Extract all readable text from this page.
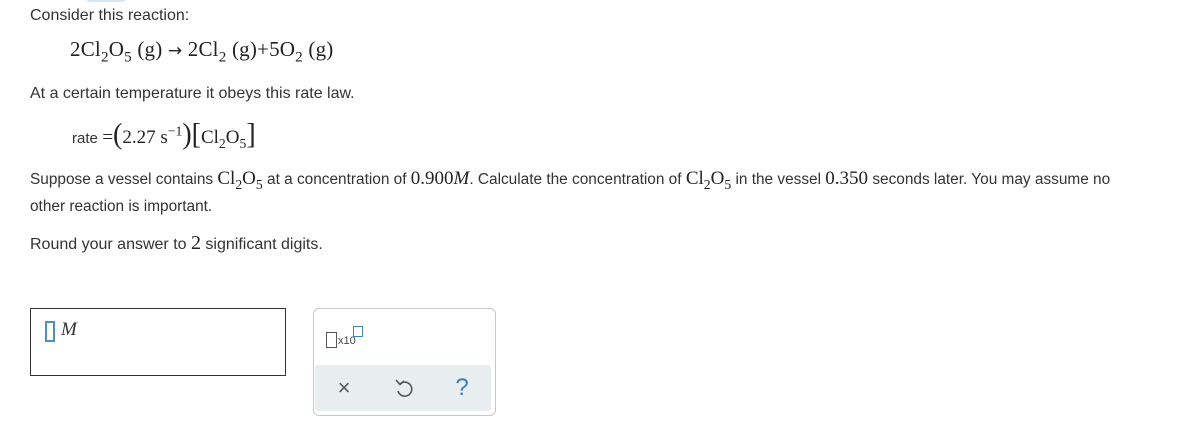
Consider this reaction:
$2Cl_2O_5$ $(g) \to 2Cl_2$ $(g)+5O_2$ (g)
At a certain temperature it obeys this rate law.
rate =(2.27 $s^{-1})[Cl_2O_5]$
Suppose a vessel contains $Cl_2O_5$ at a concentration of 0.900M. Calculate the concentration of $Cl_2O_5$ in the vessel 0.350 seconds later. You may assume no
other reaction is important.
Round your answer to 2 significant digits.
M
x10
×	?
